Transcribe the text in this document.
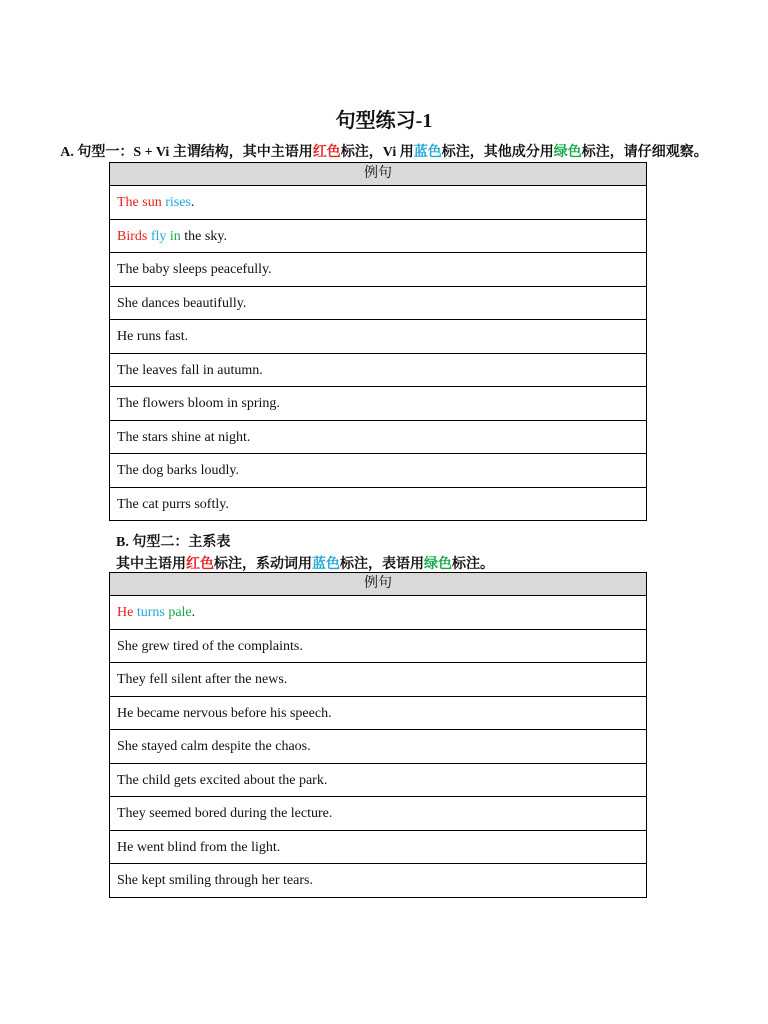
句型练习-1
A. 句型一：S + Vi 主谓结构，其中主语用红色标注，Vi 用蓝色标注，其他成分用绿色标注，请仔细观察。
例句
The sun rises.
Birds fly in the sky.
The baby sleeps peacefully.
She dances beautifully.
He runs fast.
The leaves fall in autumn.
The flowers bloom in spring.
The stars shine at night.
The dog barks loudly.
The cat purrs softly.
B. 句型二：主系表
其中主语用红色标注，系动词用蓝色标注，表语用绿色标注。
例句
He turns pale.
She grew tired of the complaints.
They fell silent after the news.
He became nervous before his speech.
She stayed calm despite the chaos.
The child gets excited about the park.
They seemed bored during the lecture.
He went blind from the light.
She kept smiling through her tears.
